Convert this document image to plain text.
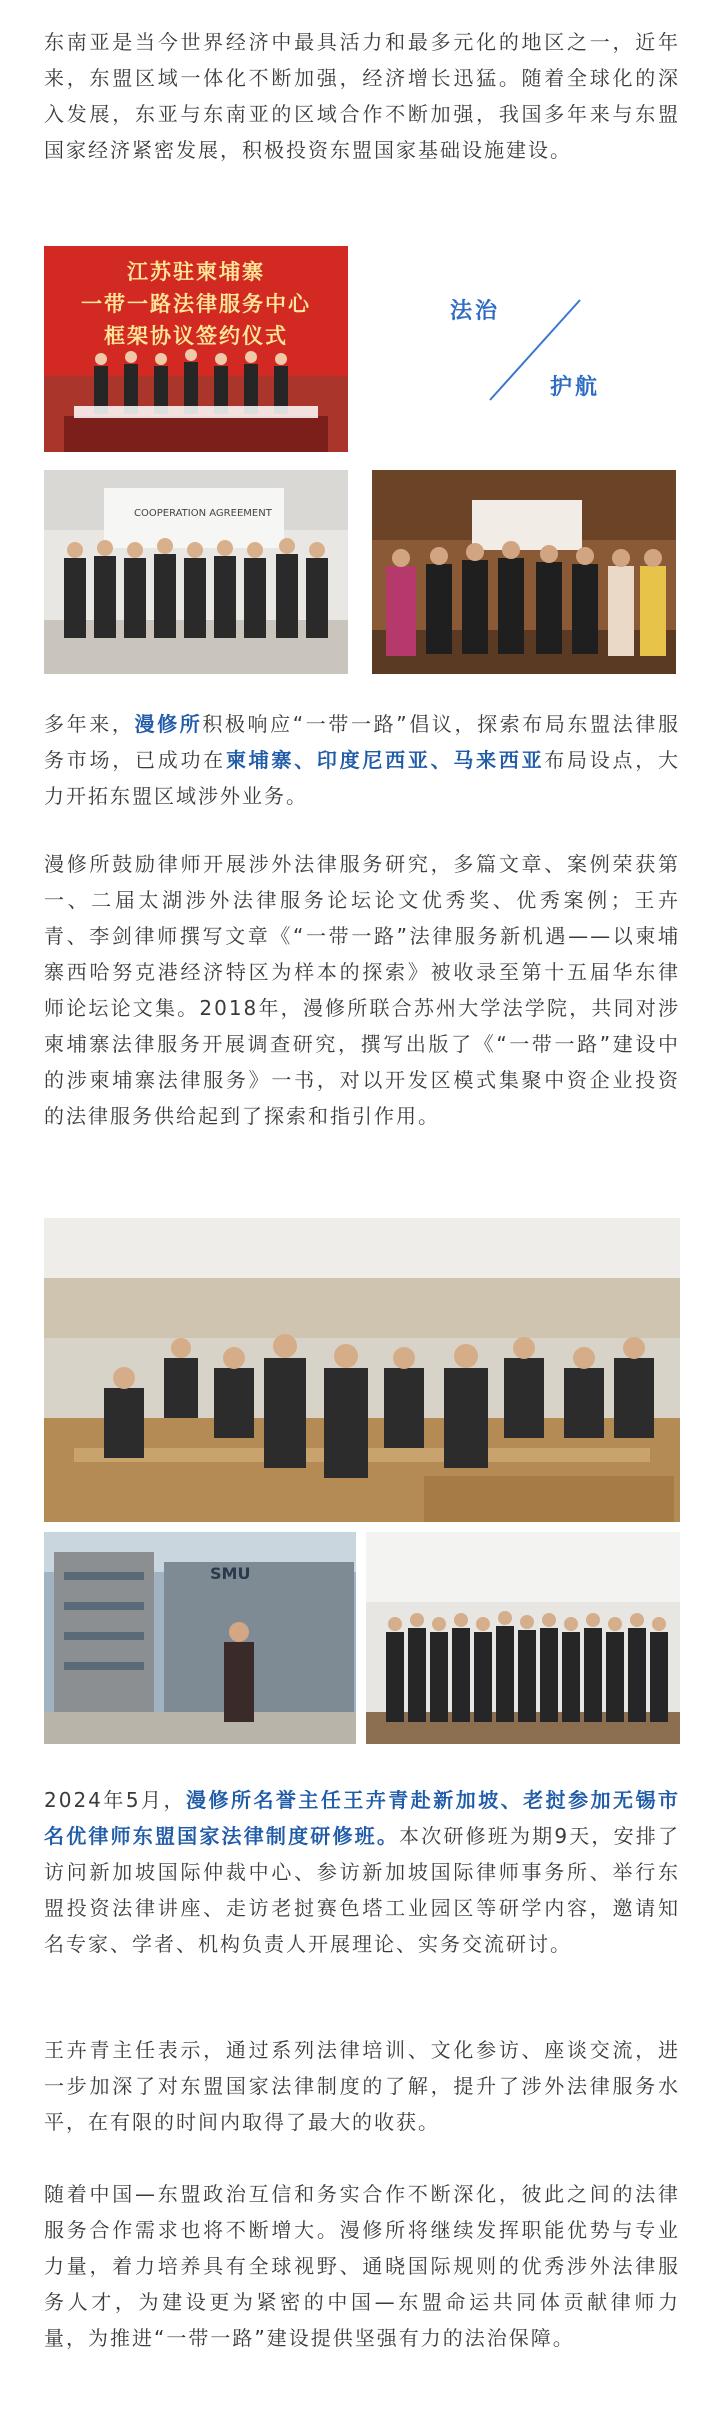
东南亚是当今世界经济中最具活力和最多元化的地区之一，近年来，东盟区域一体化不断加强，经济增长迅猛。随着全球化的深入发展，东亚与东南亚的区域合作不断加强，我国多年来与东盟国家经济紧密发展，积极投资东盟国家基础设施建设。

江苏驻柬埔寨
一带一路法律服务中心
框架协议签约仪式
法治
护航
COOPERATION AGREEMENT

多年来，漫修所积极响应“一带一路”倡议，探索布局东盟法律服务市场，已成功在柬埔寨、印度尼西亚、马来西亚布局设点，大力开拓东盟区域涉外业务。

漫修所鼓励律师开展涉外法律服务研究，多篇文章、案例荣获第一、二届太湖涉外法律服务论坛论文优秀奖、优秀案例；王卉青、李剑律师撰写文章《“一带一路”法律服务新机遇——以柬埔寨西哈努克港经济特区为样本的探索》被收录至第十五届华东律师论坛论文集。2018年，漫修所联合苏州大学法学院，共同对涉柬埔寨法律服务开展调查研究，撰写出版了《“一带一路”建设中的涉柬埔寨法律服务》一书，对以开发区模式集聚中资企业投资的法律服务供给起到了探索和指引作用。

SMU

2024年5月，漫修所名誉主任王卉青赴新加坡、老挝参加无锡市名优律师东盟国家法律制度研修班。本次研修班为期9天，安排了访问新加坡国际仲裁中心、参访新加坡国际律师事务所、举行东盟投资法律讲座、走访老挝赛色塔工业园区等研学内容，邀请知名专家、学者、机构负责人开展理论、实务交流研讨。

王卉青主任表示，通过系列法律培训、文化参访、座谈交流，进一步加深了对东盟国家法律制度的了解，提升了涉外法律服务水平，在有限的时间内取得了最大的收获。

随着中国—东盟政治互信和务实合作不断深化，彼此之间的法律服务合作需求也将不断增大。漫修所将继续发挥职能优势与专业力量，着力培养具有全球视野、通晓国际规则的优秀涉外法律服务人才，为建设更为紧密的中国—东盟命运共同体贡献律师力量，为推进“一带一路”建设提供坚强有力的法治保障。
